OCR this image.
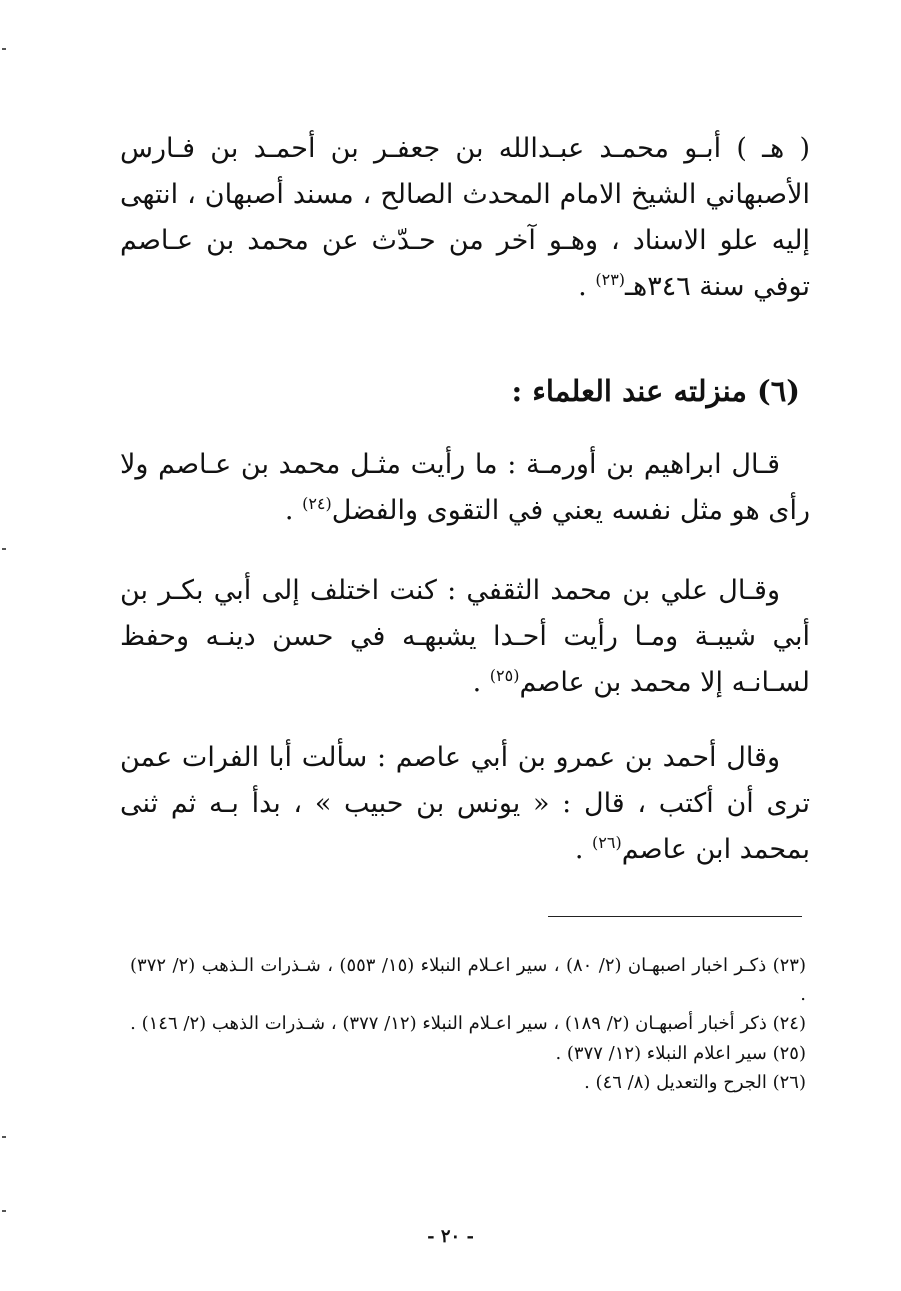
( هـ ) أبـو محمـد عبـدالله بن جعفـر بن أحمـد بن فـارس الأصبهاني الشيخ الامام المحدث الصالح ، مسند أصبهان ، انتهى إليه علو الاسناد ، وهـو آخر من حـدّث عن محمد بن عـاصم توفي سنة ٣٤٦هـ$^{(٢٣)}$ .

(٦) منزلته عند العلماء :

قـال ابراهيم بن أورمـة : ما رأيت مثـل محمد بن عـاصم ولا رأى هو مثل نفسه يعني في التقوى والفضل$^{(٢٤)}$ .

وقـال علي بن محمد الثقفي : كنت اختلف إلى أبي بكـر بن أبي شيبـة ومـا رأيت أحـدا يشبهـه في حسن دينـه وحفظ لسـانـه إلا محمد بن عاصم$^{(٢٥)}$ .

وقال أحمد بن عمرو بن أبي عاصم : سألت أبا الفرات عمن ترى أن أكتب ، قال : « يونس بن حبيب » ، بدأ بـه ثم ثنى بمحمد ابن عاصم$^{(٢٦)}$ .

(٢٣) ذكـر اخبار اصبهـان (٢/ ٨٠) ، سير اعـلام النبلاء (١٥/ ٥٥٣) ، شـذرات الـذهب (٢/ ٣٧٢) .
(٢٤) ذكر أخبار أصبهـان (٢/ ١٨٩) ، سير اعـلام النبلاء (١٢/ ٣٧٧) ، شـذرات الذهب (٢/ ١٤٦) .
(٢٥) سير اعلام النبلاء (١٢/ ٣٧٧) .
(٢٦) الجرح والتعديل (٨/ ٤٦) .
- ٢٠ -
